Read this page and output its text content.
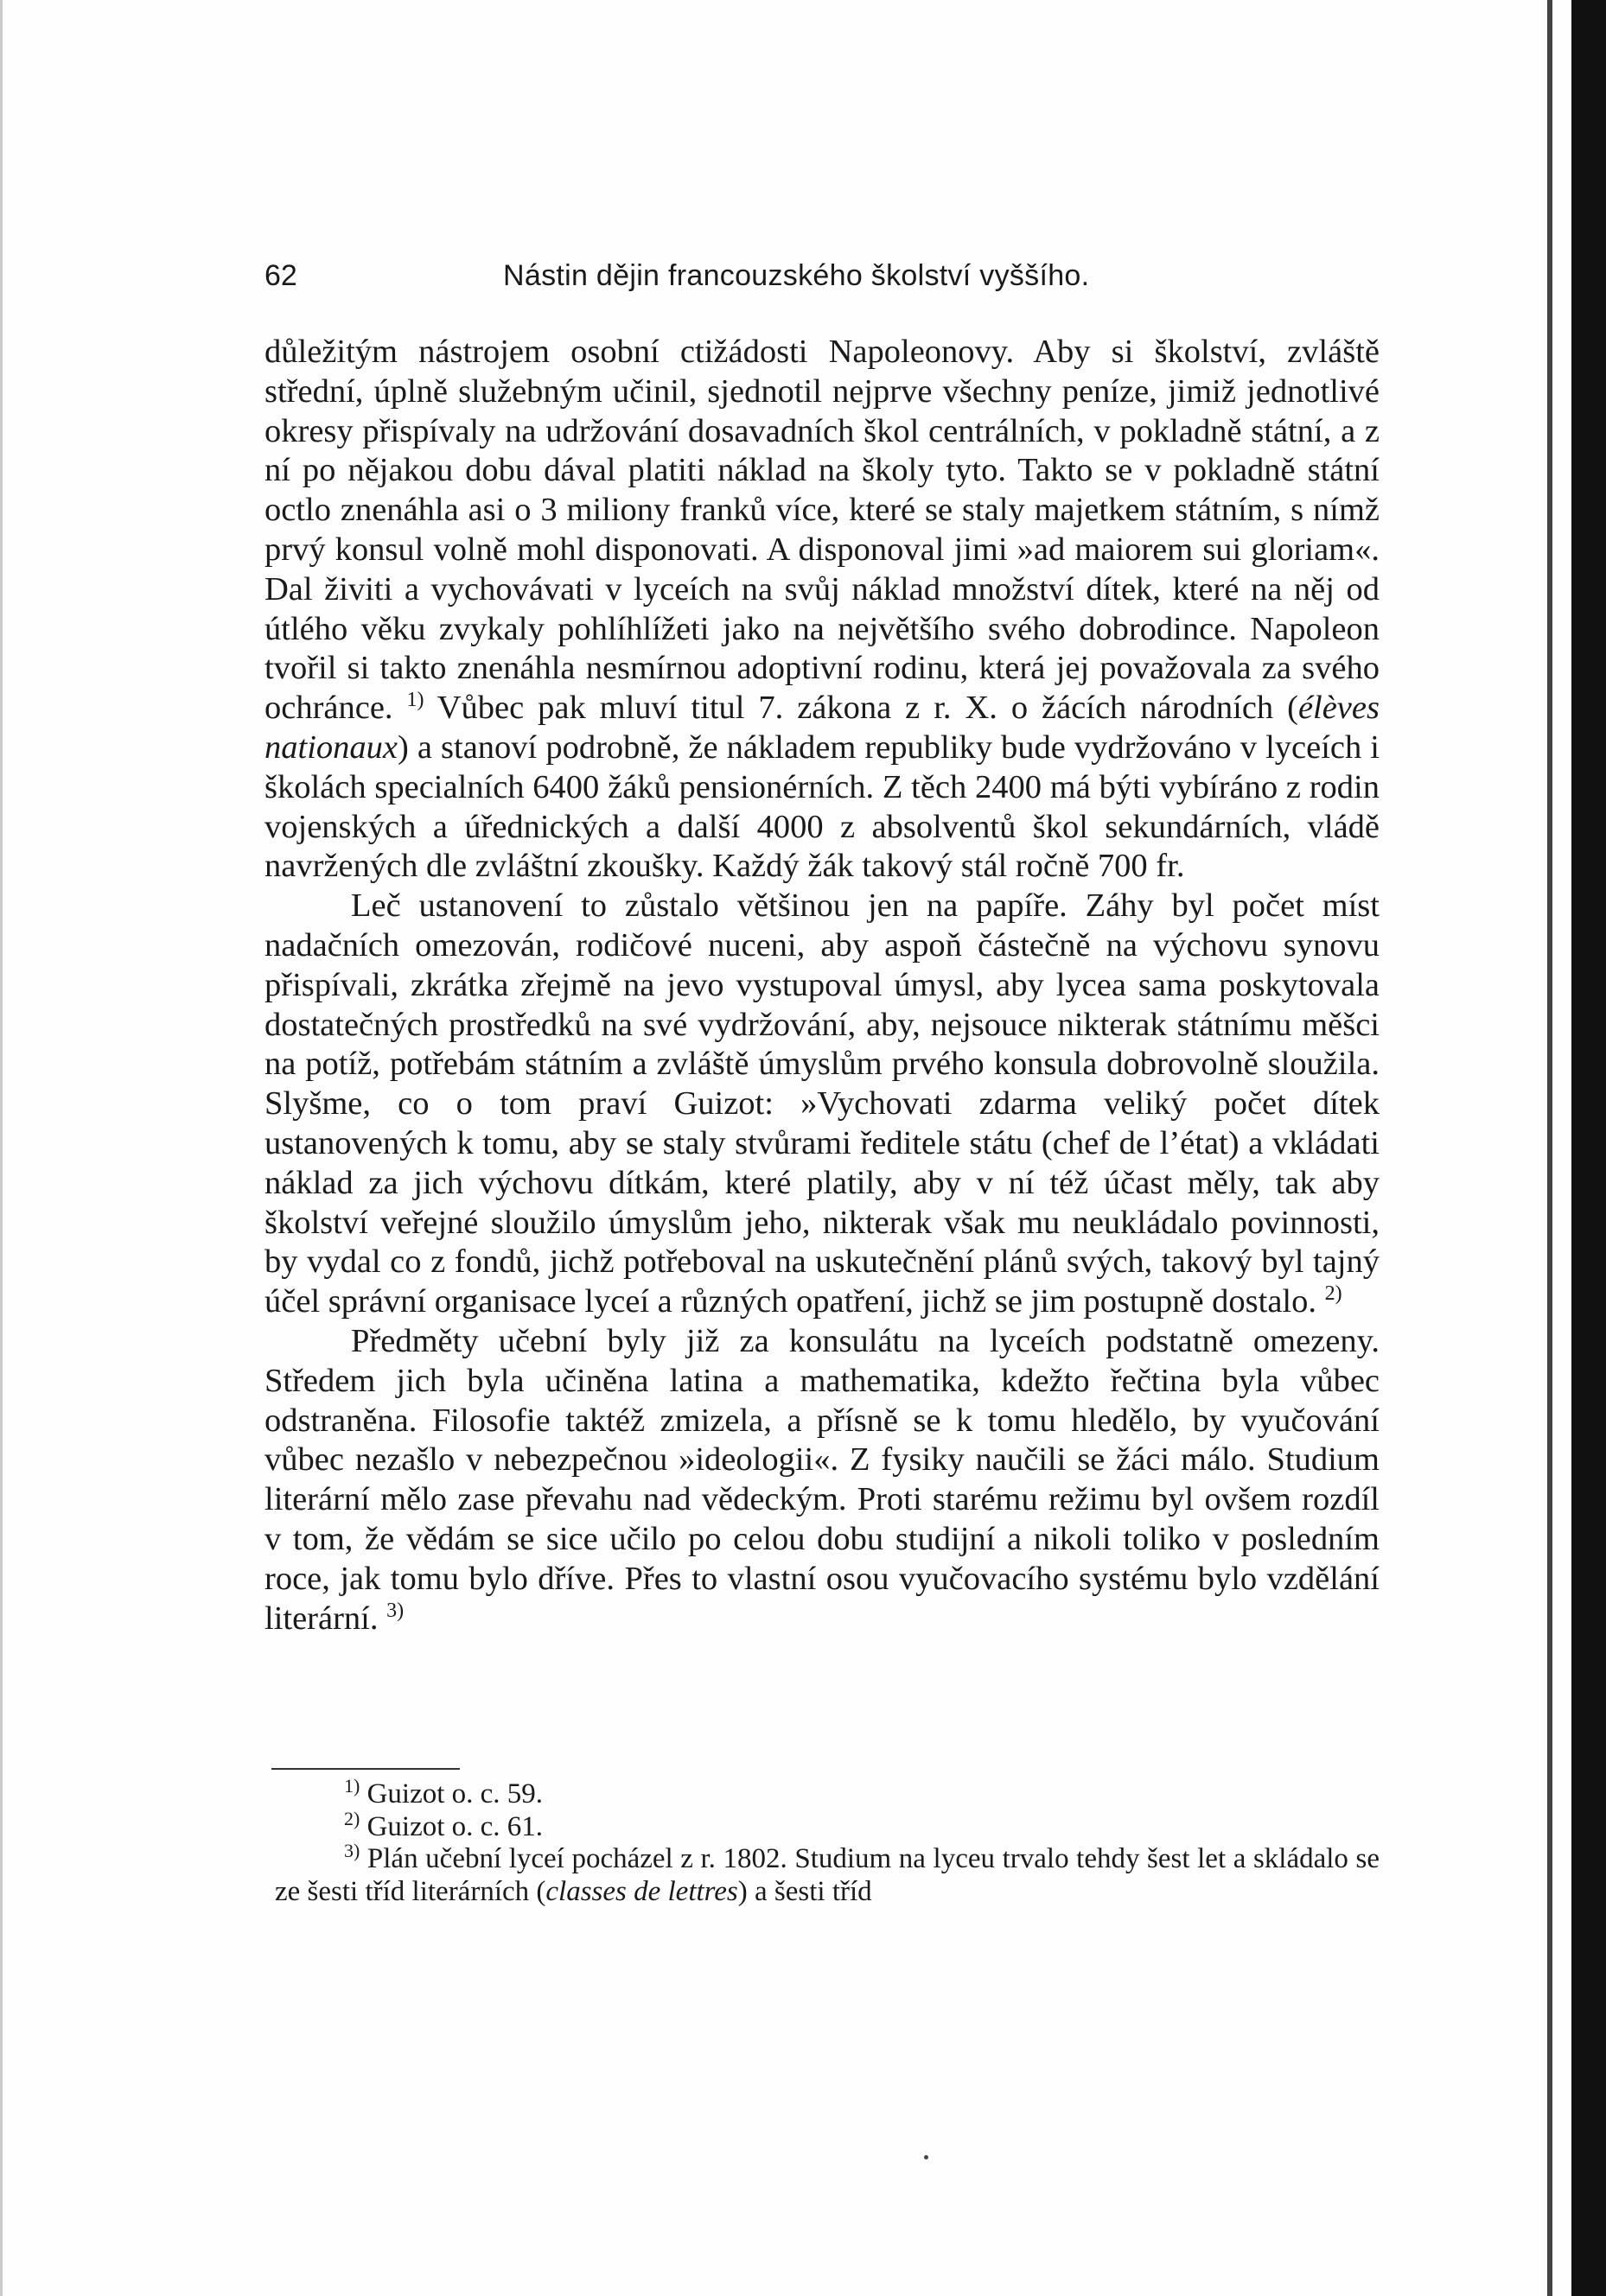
62	Nástin dějin francouzského školství vyššího.

důležitým nástrojem osobní ctižádosti Napoleonovy. Aby si školství, zvláště střední, úplně služebným učinil, sjednotil nejprve všechny peníze, jimiž jednotlivé okresy přispívaly na udržování dosavadních škol centrálních, v pokladně státní, a z ní po nějakou dobu dával platiti náklad na školy tyto. Takto se v pokladně státní octlo znenáhla asi o 3 miliony franků více, které se staly majetkem státním, s nímž prvý konsul volně mohl disponovati. A disponoval jimi »ad maiorem sui gloriam«. Dal živiti a vychovávati v lyceích na svůj náklad množství dítek, které na něj od útlého věku zvykaly pohlíhlížeti jako na největšího svého dobrodince. Napoleon tvořil si takto znenáhla nesmírnou adoptivní rodinu, která jej považovala za svého ochránce. $^{1)}$ Vůbec pak mluví titul 7. zákona z r. X. o žácích národních (élèves nationaux) a stanoví podrobně, že nákladem republiky bude vydržováno v lyceích i školách specialních 6400 žáků pensionérních. Z těch 2400 má býti vybíráno z rodin vojenských a úřednických a další 4000 z absolventů škol sekundárních, vládě navržených dle zvláštní zkoušky. Každý žák takový stál ročně 700 fr.

Leč ustanovení to zůstalo většinou jen na papíře. Záhy byl počet míst nadačních omezován, rodičové nuceni, aby aspoň částečně na výchovu synovu přispívali, zkrátka zřejmě na jevo vystupoval úmysl, aby lycea sama poskytovala dostatečných prostředků na své vydržování, aby, nejsouce nikterak státnímu měšci na potíž, potřebám státním a zvláště úmyslům prvého konsula dobrovolně sloužila. Slyšme, co o tom praví Guizot: »Vychovati zdarma veliký počet dítek ustanovených k tomu, aby se staly stvůrami ředitele státu (chef de l’état) a vkládati náklad za jich výchovu dítkám, které platily, aby v ní též účast měly, tak aby školství veřejné sloužilo úmyslům jeho, nikterak však mu neukládalo povinnosti, by vydal co z fondů, jichž potřeboval na uskutečnění plánů svých, takový byl tajný účel správní organisace lyceí a různých opatření, jichž se jim postupně dostalo. $^{2)}$

Předměty učební byly již za konsulátu na lyceích podstatně omezeny. Středem jich byla učiněna latina a mathematika, kdežto řečtina byla vůbec odstraněna. Filosofie taktéž zmizela, a přísně se k tomu hledělo, by vyučování vůbec nezašlo v nebezpečnou »ideologii«. Z fysiky naučili se žáci málo. Studium literární mělo zase převahu nad vědeckým. Proti starému režimu byl ovšem rozdíl v tom, že vědám se sice učilo po celou dobu studijní a nikoli toliko v posledním roce, jak tomu bylo dříve. Přes to vlastní osou vyučovacího systému bylo vzdělání literární. $^{3)}$

$^{1)}$ Guizot o. c. 59.

$^{2)}$ Guizot o. c. 61.

$^{3)}$ Plán učební lyceí pocházel z r. 1802. Studium na lyceu trvalo tehdy šest let a skládalo se ze šesti tříd literárních (classes de lettres) a šesti tříd
